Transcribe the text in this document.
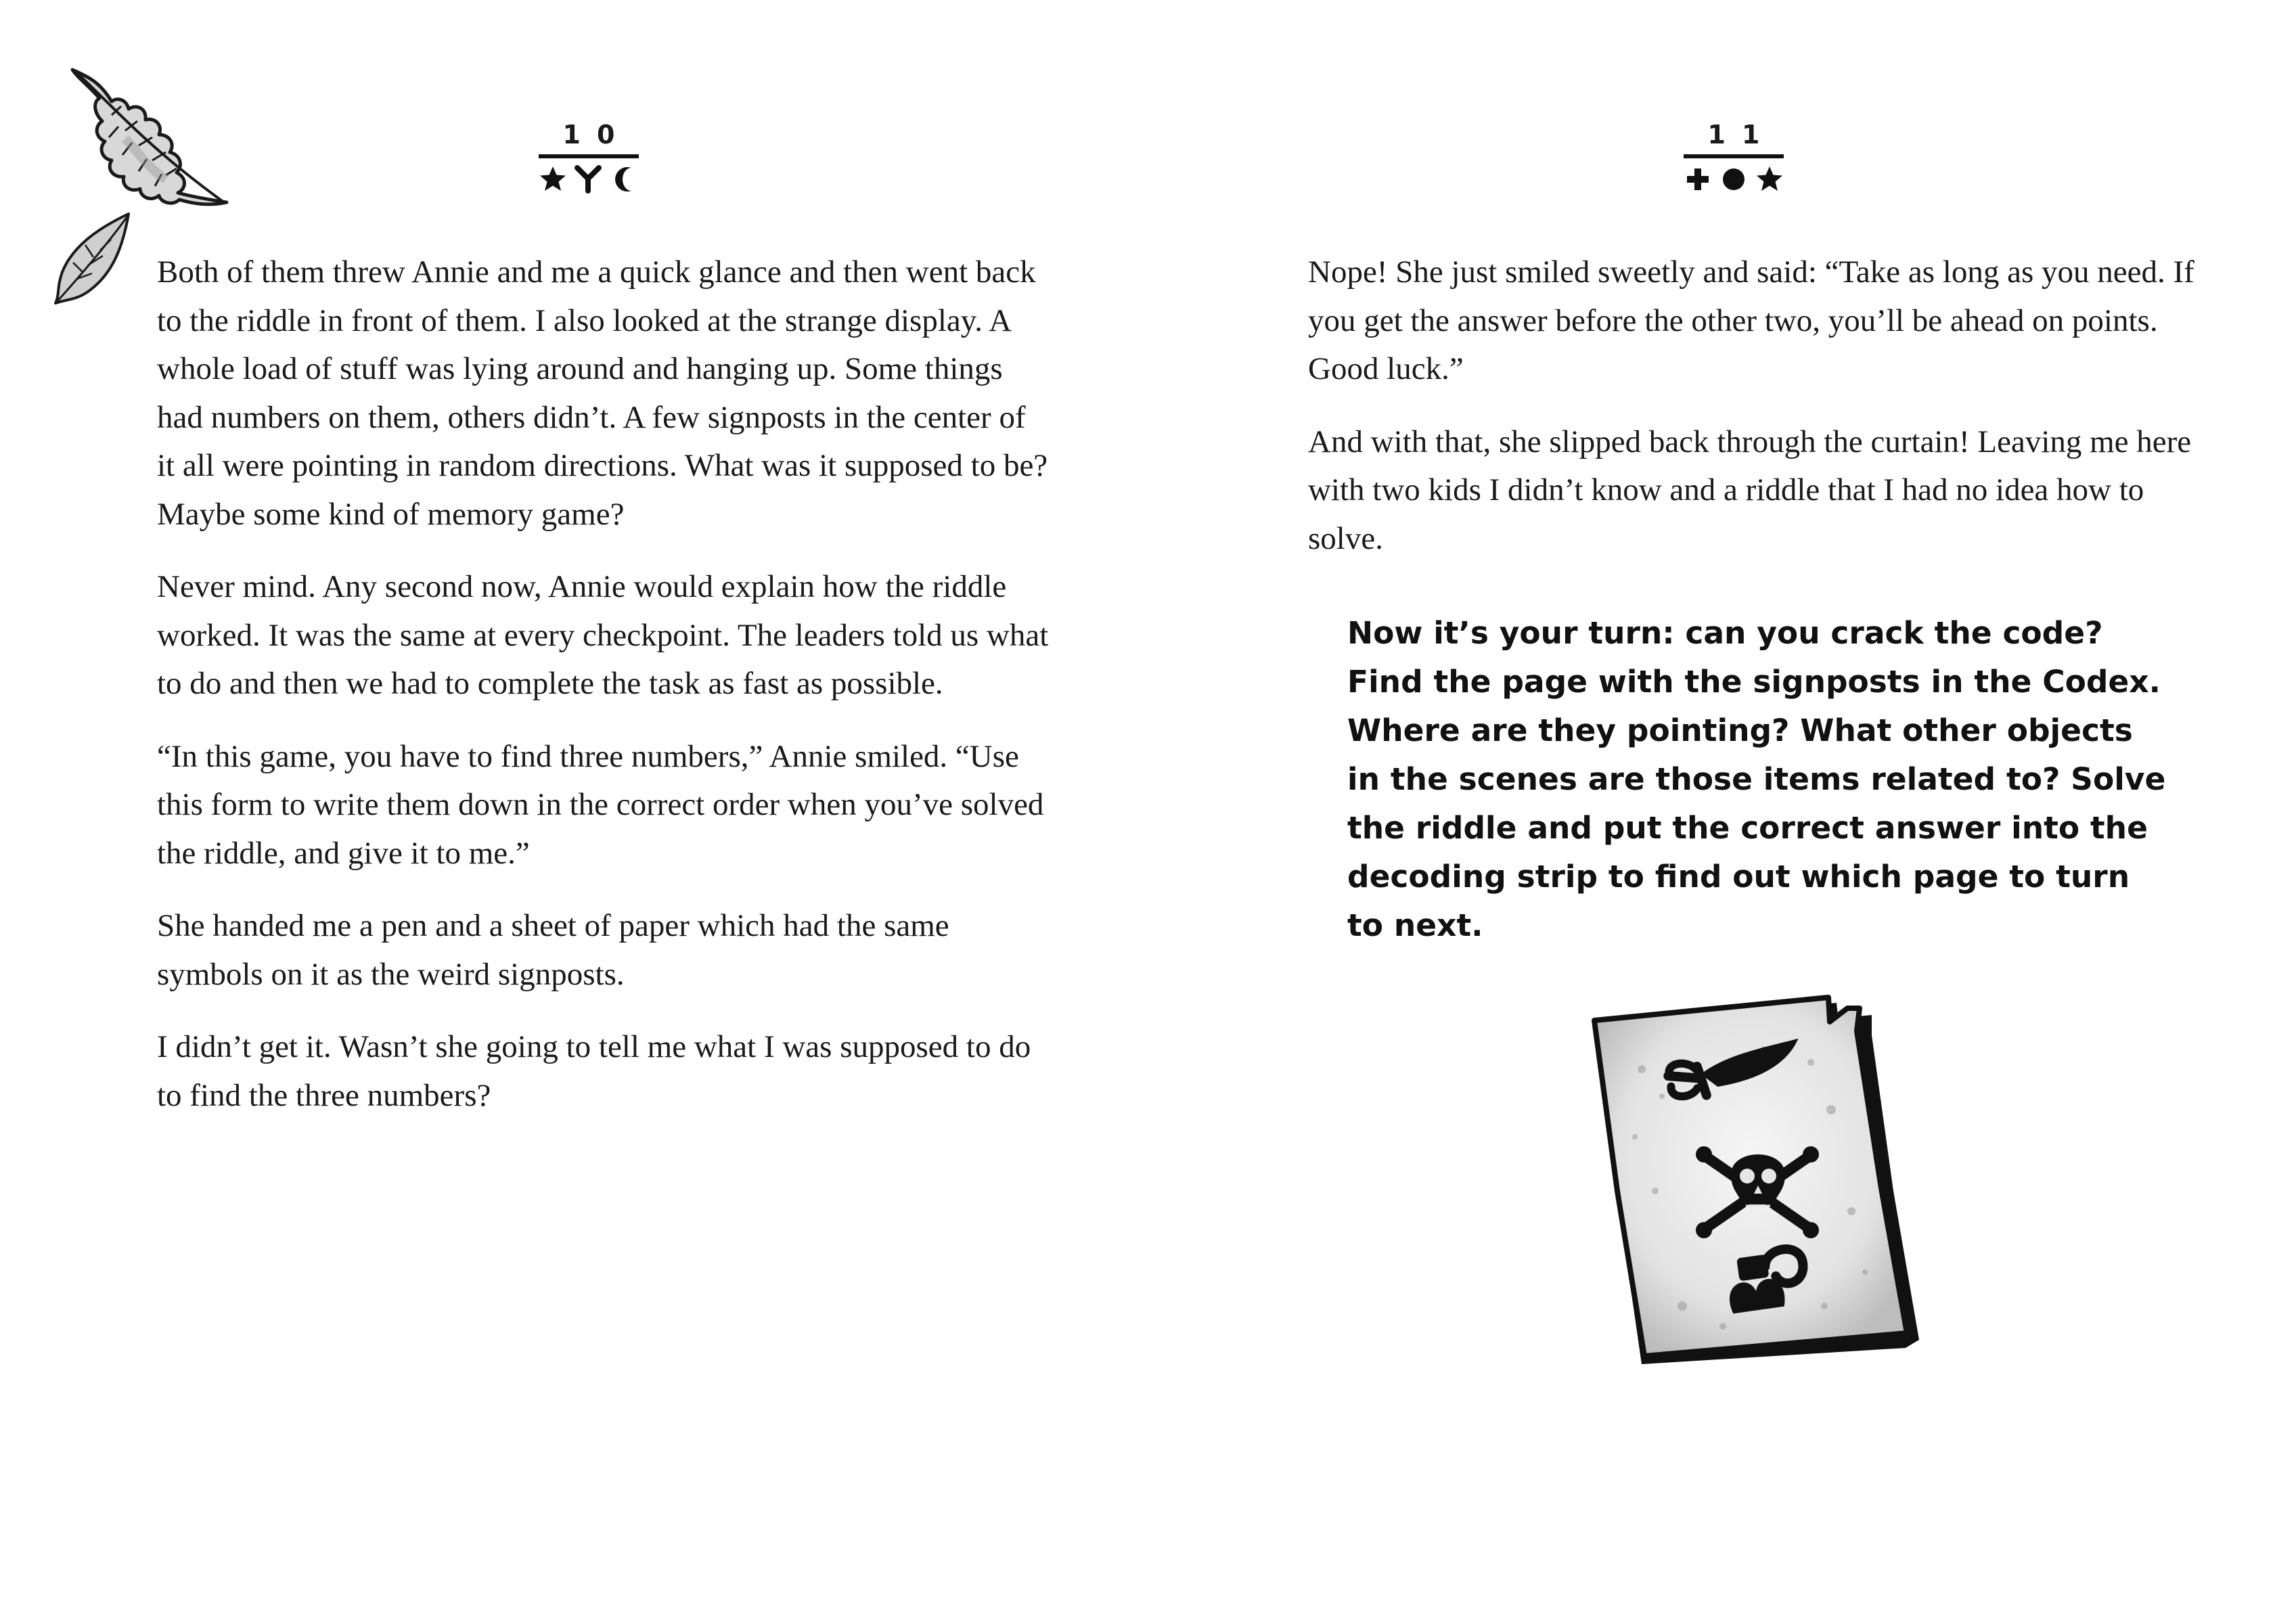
10

Both of them threw Annie and me a quick glance and then went back to the riddle in front of them. I also looked at the strange display. A whole load of stuff was lying around and hanging up. Some things had numbers on them, others didn’t. A few signposts in the center of it all were pointing in random directions. What was it supposed to be? Maybe some kind of memory game?

Never mind. Any second now, Annie would explain how the riddle worked. It was the same at every checkpoint. The leaders told us what to do and then we had to complete the task as fast as possible.

“In this game, you have to find three numbers,” Annie smiled. “Use this form to write them down in the correct order when you’ve solved the riddle, and give it to me.”

She handed me a pen and a sheet of paper which had the same symbols on it as the weird signposts.

I didn’t get it. Wasn’t she going to tell me what I was supposed to do to find the three numbers?

11

Nope! She just smiled sweetly and said: “Take as long as you need. If you get the answer before the other two, you’ll be ahead on points. Good luck.”

And with that, she slipped back through the curtain! Leaving me here with two kids I didn’t know and a riddle that I had no idea how to solve.

Now it’s your turn: can you crack the code? Find the page with the signposts in the Codex. Where are they pointing? What other objects in the scenes are those items related to? Solve the riddle and put the correct answer into the decoding strip to find out which page to turn to next.
